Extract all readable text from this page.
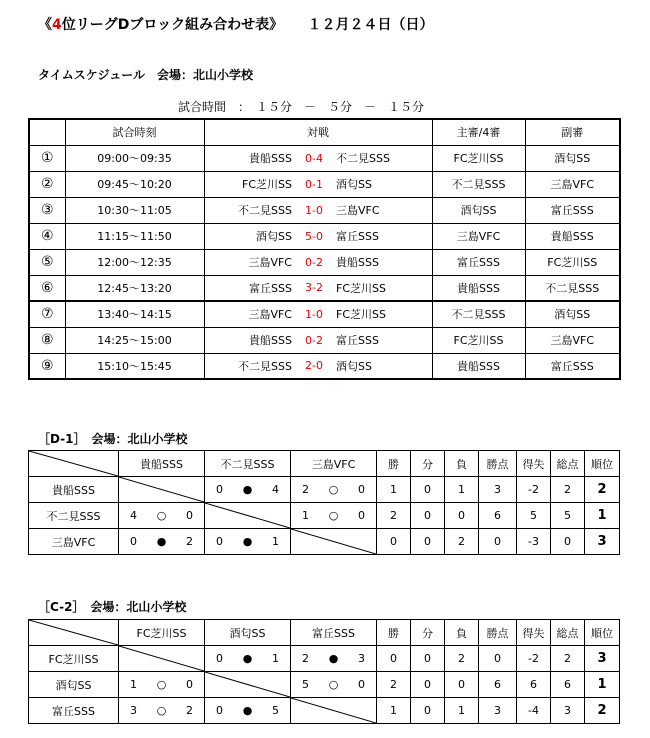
《4位リーグDブロック組み合わせ表》 １２月２４日（日）
タイムスケジュール　会場：北山小学校
試合時間　：　１５分　－　５分　－　１５分
	試合時刻	対戦			主審/4審	副審
①	09:00～09:35	貴船SSS	0-4	不二見SSS	FC芝川SS	酒匂SS
②	09:45～10:20	FC芝川SS	0-1	酒匂SS	不二見SSS	三島VFC
③	10:30～11:05	不二見SSS	1-0	三島VFC	酒匂SS	富丘SSS
④	11:15～11:50	酒匂SS	5-0	富丘SSS	三島VFC	貴船SSS
⑤	12:00～12:35	三島VFC	0-2	貴船SSS	富丘SSS	FC芝川SS
⑥	12:45～13:20	富丘SSS	3-2	FC芝川SS	貴船SSS	不二見SSS
⑦	13:40～14:15	三島VFC	1-0	FC芝川SS	不二見SSS	酒匂SS
⑧	14:25～15:00	貴船SSS	0-2	富丘SSS	FC芝川SS	三島VFC
⑨	15:10～15:45	不二見SSS	2-0	酒匂SS	貴船SSS	富丘SSS
［D-1］　会場：北山小学校
	貴船SSS	不二見SSS	三島VFC	勝	分	負	勝点	得失	総点	順位
貴船SSS		0 ● 4	2 ○ 0	1	0	1	3	-2	2	2
不二見SSS	4 ○ 0		1 ○ 0	2	0	0	6	5	5	1
三島VFC	0 ● 2	0 ● 1		0	0	2	0	-3	0	3
［C-2］　会場：北山小学校
	FC芝川SS	酒匂SS	富丘SSS	勝	分	負	勝点	得失	総点	順位
FC芝川SS		0 ● 1	2 ● 3	0	0	2	0	-2	2	3
酒匂SS	1 ○ 0		5 ○ 0	2	0	0	6	6	6	1
富丘SSS	3 ○ 2	0 ● 5		1	0	1	3	-4	3	2
